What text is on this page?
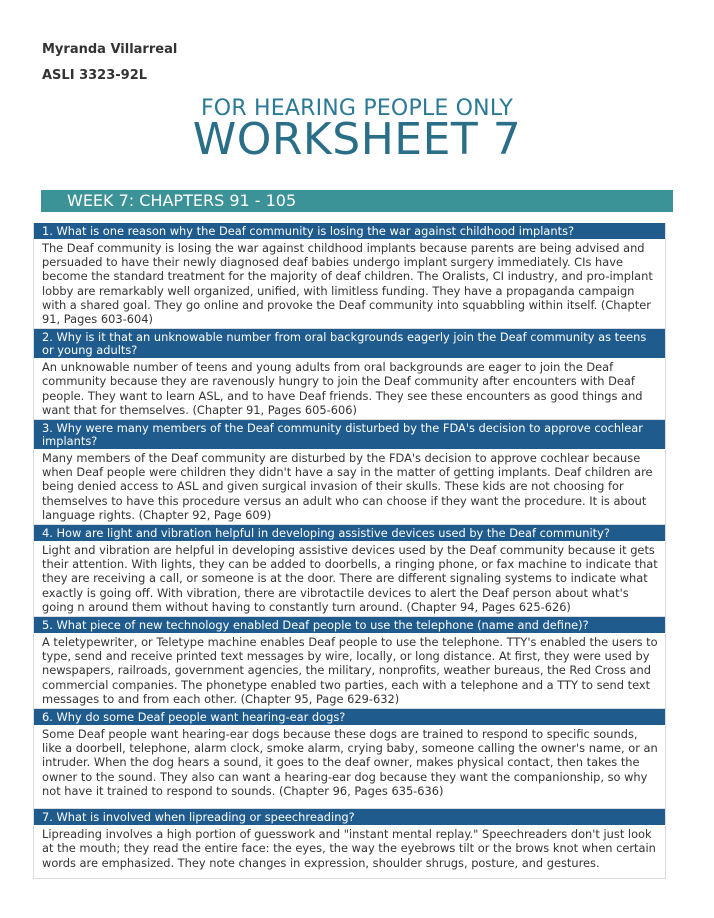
Myranda Villarreal
ASLI 3323-92L
FOR HEARING PEOPLE ONLY
WORKSHEET 7
WEEK 7: CHAPTERS 91 - 105
1. What is one reason why the Deaf community is losing the war against childhood implants?
The Deaf community is losing the war against childhood implants because parents are being advised and persuaded to have their newly diagnosed deaf babies undergo implant surgery immediately. CIs have become the standard treatment for the majority of deaf children. The Oralists, CI industry, and pro-implant lobby are remarkably well organized, unified, with limitless funding. They have a propaganda campaign with a shared goal. They go online and provoke the Deaf community into squabbling within itself. (Chapter 91, Pages 603-604)
2. Why is it that an unknowable number from oral backgrounds eagerly join the Deaf community as teens or young adults?
An unknowable number of teens and young adults from oral backgrounds are eager to join the Deaf community because they are ravenously hungry to join the Deaf community after encounters with Deaf people. They want to learn ASL, and to have Deaf friends. They see these encounters as good things and want that for themselves. (Chapter 91, Pages 605-606)
3. Why were many members of the Deaf community disturbed by the FDA's decision to approve cochlear implants?
Many members of the Deaf community are disturbed by the FDA's decision to approve cochlear because when Deaf people were children they didn't have a say in the matter of getting implants. Deaf children are being denied access to ASL and given surgical invasion of their skulls. These kids are not choosing for themselves to have this procedure versus an adult who can choose if they want the procedure. It is about language rights. (Chapter 92, Page 609)
4. How are light and vibration helpful in developing assistive devices used by the Deaf community?
Light and vibration are helpful in developing assistive devices used by the Deaf community because it gets their attention. With lights, they can be added to doorbells, a ringing phone, or fax machine to indicate that they are receiving a call, or someone is at the door. There are different signaling systems to indicate what exactly is going off. With vibration, there are vibrotactile devices to alert the Deaf person about what's going n around them without having to constantly turn around. (Chapter 94, Pages 625-626)
5. What piece of new technology enabled Deaf people to use the telephone (name and define)?
A teletypewriter, or Teletype machine enables Deaf people to use the telephone. TTY's enabled the users to type, send and receive printed text messages by wire, locally, or long distance. At first, they were used by newspapers, railroads, government agencies, the military, nonprofits, weather bureaus, the Red Cross and commercial companies. The phonetype enabled two parties, each with a telephone and a TTY to send text messages to and from each other. (Chapter 95, Page 629-632)
6. Why do some Deaf people want hearing-ear dogs?
Some Deaf people want hearing-ear dogs because these dogs are trained to respond to specific sounds, like a doorbell, telephone, alarm clock, smoke alarm, crying baby, someone calling the owner's name, or an intruder. When the dog hears a sound, it goes to the deaf owner, makes physical contact, then takes the owner to the sound. They also can want a hearing-ear dog because they want the companionship, so why not have it trained to respond to sounds. (Chapter 96, Pages 635-636)
7. What is involved when lipreading or speechreading?
Lipreading involves a high portion of guesswork and "instant mental replay." Speechreaders don't just look at the mouth; they read the entire face: the eyes, the way the eyebrows tilt or the brows knot when certain words are emphasized. They note changes in expression, shoulder shrugs, posture, and gestures.
